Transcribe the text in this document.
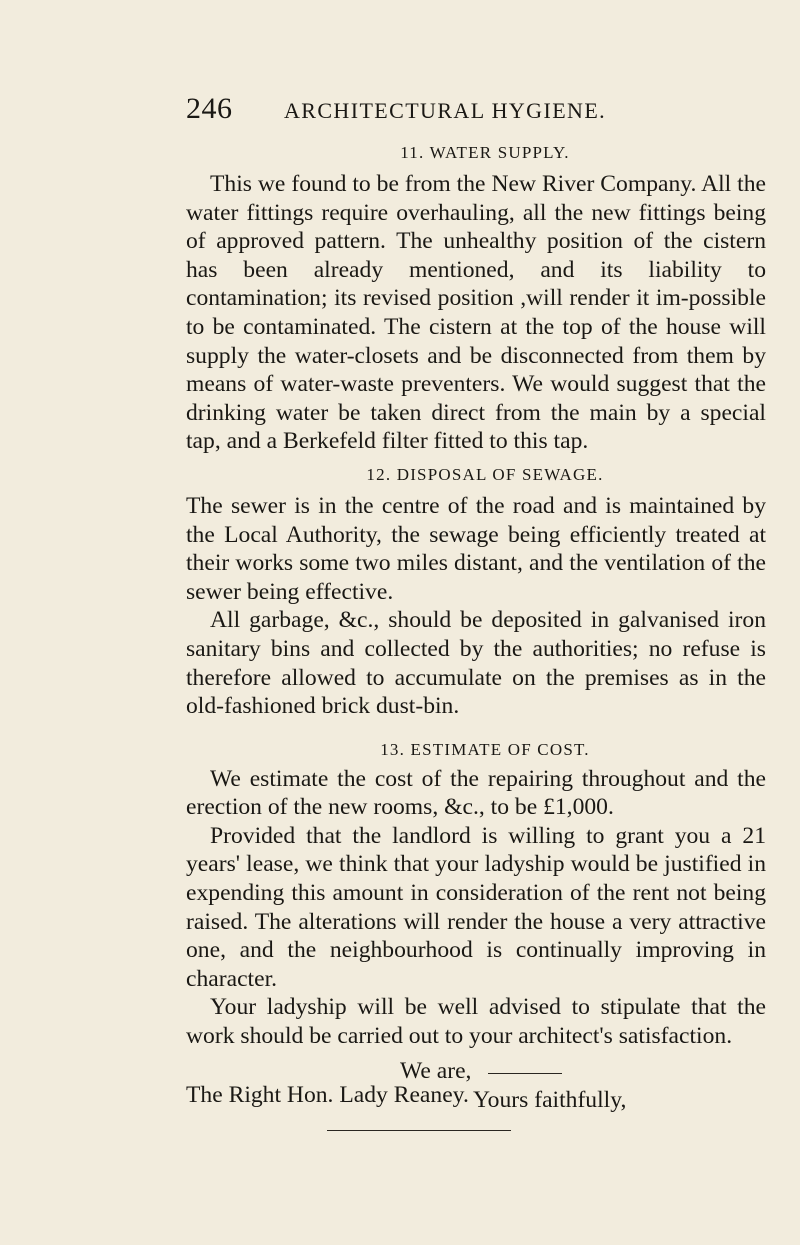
246 ARCHITECTURAL HYGIENE.

11. WATER SUPPLY.

This we found to be from the New River Company. All the water fittings require overhauling, all the new fittings being of approved pattern. The unhealthy position of the cistern has been already mentioned, and its liability to contamination; its revised position ,will render it im-possible to be contaminated. The cistern at the top of the house will supply the water-closets and be disconnected from them by means of water-waste preventers. We would suggest that the drinking water be taken direct from the main by a special tap, and a Berkefeld filter fitted to this tap.

12. DISPOSAL OF SEWAGE.

The sewer is in the centre of the road and is maintained by the Local Authority, the sewage being efficiently treated at their works some two miles distant, and the ventilation of the sewer being effective.

All garbage, &c., should be deposited in galvanised iron sanitary bins and collected by the authorities; no refuse is therefore allowed to accumulate on the premises as in the old-fashioned brick dust-bin.

13. ESTIMATE OF COST.

We estimate the cost of the repairing throughout and the erection of the new rooms, &c., to be £1,000.

Provided that the landlord is willing to grant you a 21 years' lease, we think that your ladyship would be justified in expending this amount in consideration of the rent not being raised. The alterations will render the house a very attractive one, and the neighbourhood is continually improving in character.

Your ladyship will be well advised to stipulate that the work should be carried out to your architect's satisfaction.

We are,

Yours faithfully,

The Right Hon. Lady Reaney.
